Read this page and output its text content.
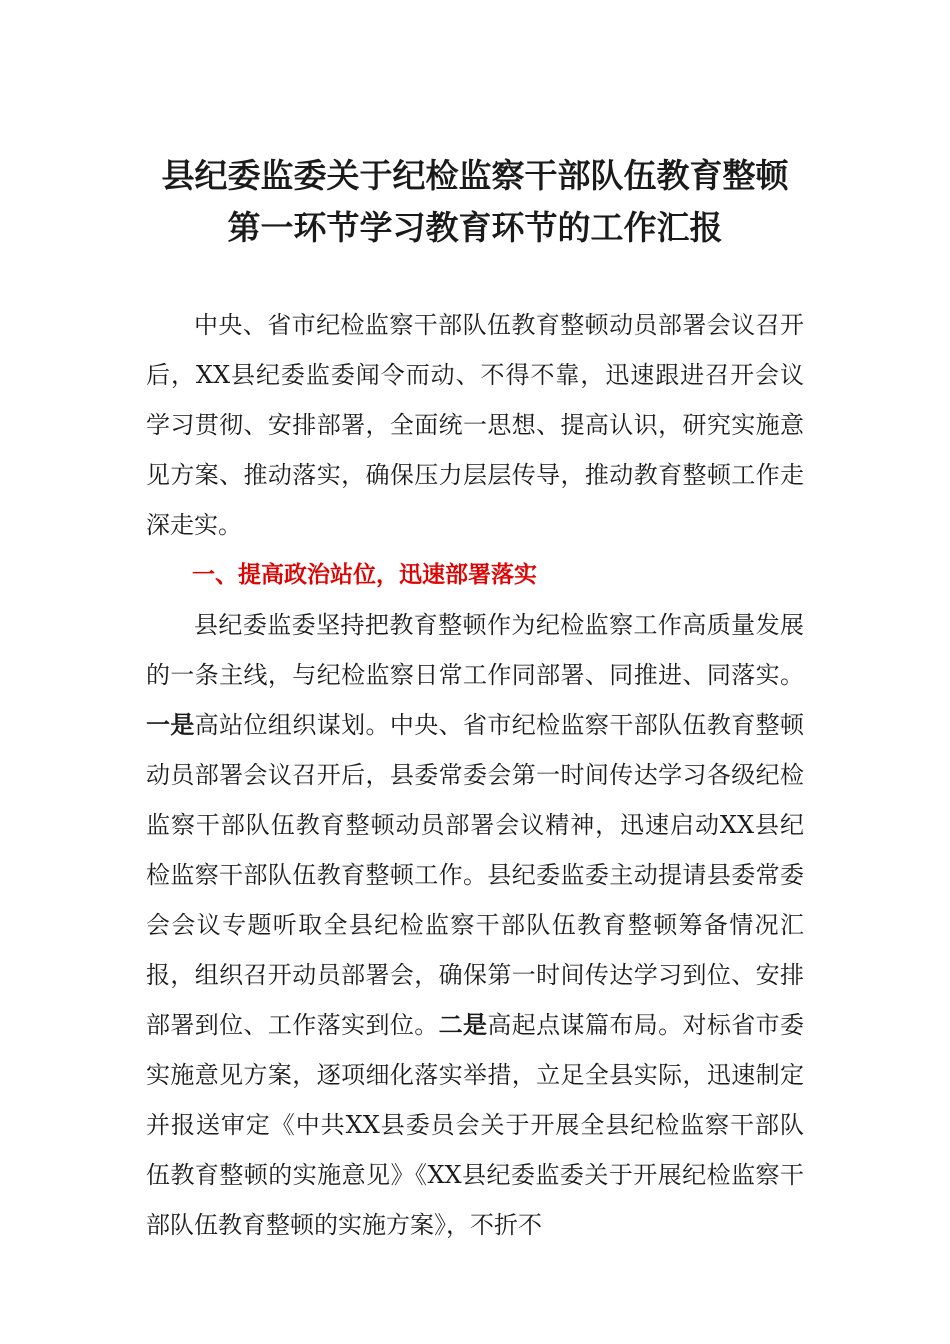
县纪委监委关于纪检监察干部队伍教育整顿
第一环节学习教育环节的工作汇报

中央、省市纪检监察干部队伍教育整顿动员部署会议召开后，XX县纪委监委闻令而动、不得不靠，迅速跟进召开会议学习贯彻、安排部署，全面统一思想、提高认识，研究实施意见方案、推动落实，确保压力层层传导，推动教育整顿工作走深走实。

一、提高政治站位，迅速部署落实

县纪委监委坚持把教育整顿作为纪检监察工作高质量发展的一条主线，与纪检监察日常工作同部署、同推进、同落实。一是高站位组织谋划。中央、省市纪检监察干部队伍教育整顿动员部署会议召开后，县委常委会第一时间传达学习各级纪检监察干部队伍教育整顿动员部署会议精神，迅速启动XX县纪检监察干部队伍教育整顿工作。县纪委监委主动提请县委常委会会议专题听取全县纪检监察干部队伍教育整顿筹备情况汇报，组织召开动员部署会，确保第一时间传达学习到位、安排部署到位、工作落实到位。二是高起点谋篇布局。对标省市委实施意见方案，逐项细化落实举措，立足全县实际，迅速制定并报送审定《中共XX县委员会关于开展全县纪检监察干部队伍教育整顿的实施意见》《XX县纪委监委关于开展纪检监察干部队伍教育整顿的实施方案》，不折不
